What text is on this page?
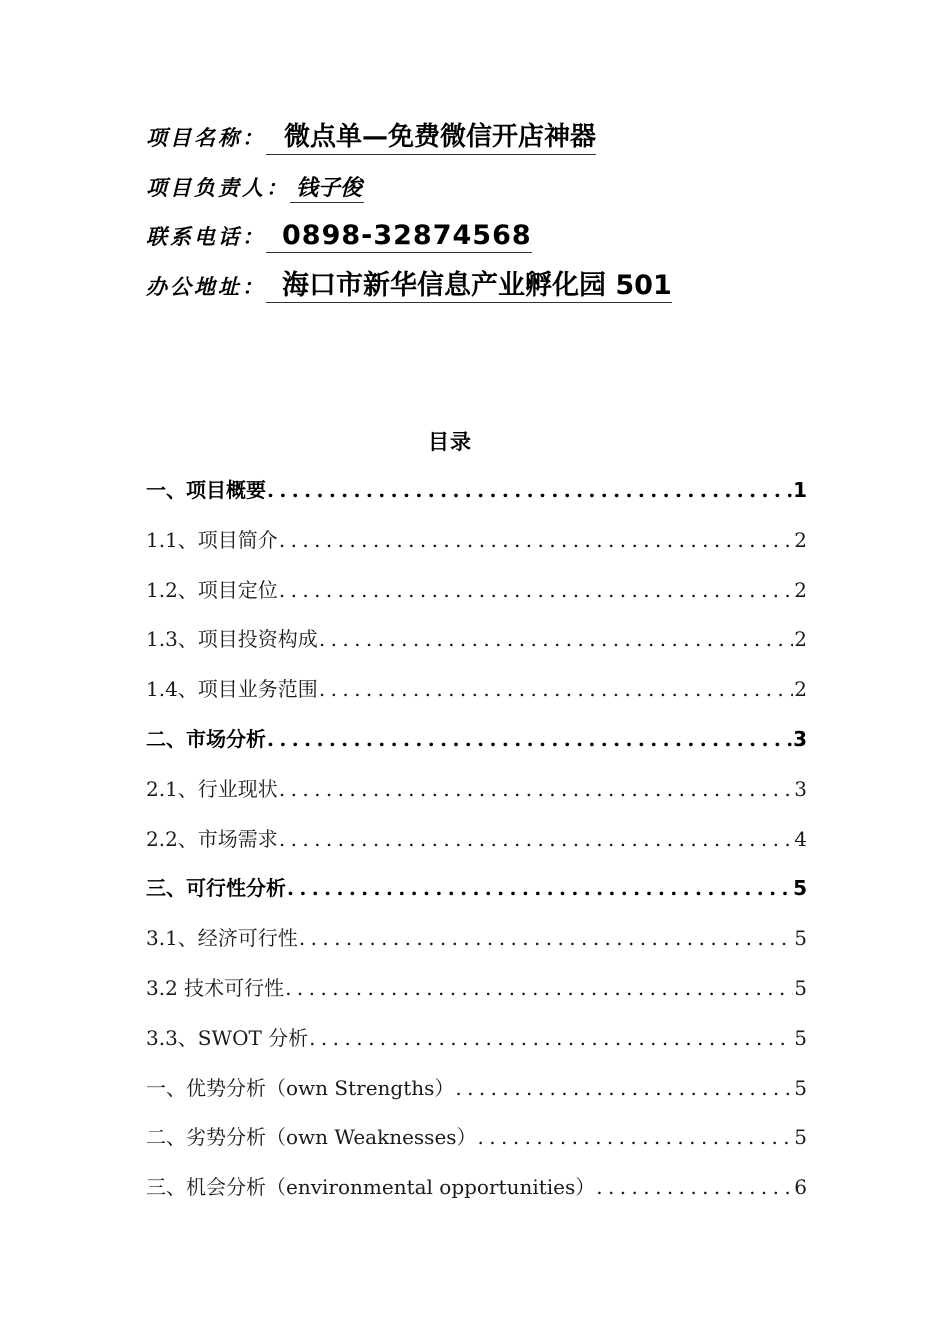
项目名称： 微点单—免费微信开店神器
项目负责人： 钱子俊
联系电话： 0898-32874568
办公地址： 海口市新华信息产业孵化园 501
目录
一、项目概要 .....	1
1.1、项目简介 .....	2
1.2、项目定位 .....	2
1.3、项目投资构成 .....	2
1.4、项目业务范围 .....	2
二、市场分析 .....	3
2.1、行业现状 .....	3
2.2、市场需求 .....	4
三、可行性分析 .....	5
3.1、经济可行性 .....	5
3.2 技术可行性 .....	5
3.3、SWOT 分析 .....	5
一、优势分析（own Strengths） .....	5
二、劣势分析（own Weaknesses） .....	5
三、机会分析（environmental opportunities） .....	6
